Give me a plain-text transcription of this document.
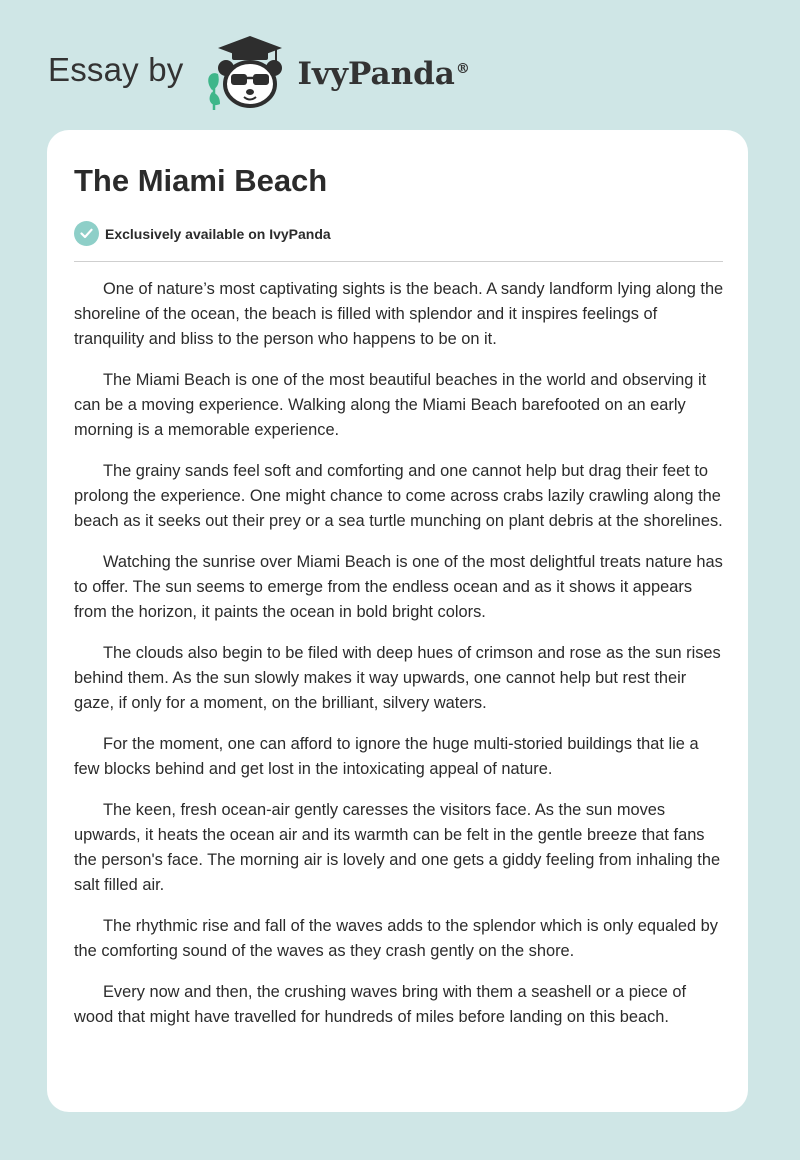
Essay by	IvyPanda®
The Miami Beach
Exclusively available on IvyPanda

One of nature’s most captivating sights is the beach. A sandy landform lying along the shoreline of the ocean, the beach is filled with splendor and it inspires feelings of tranquility and bliss to the person who happens to be on it.

The Miami Beach is one of the most beautiful beaches in the world and observing it can be a moving experience. Walking along the Miami Beach barefooted on an early morning is a memorable experience.

The grainy sands feel soft and comforting and one cannot help but drag their feet to prolong the experience. One might chance to come across crabs lazily crawling along the beach as it seeks out their prey or a sea turtle munching on plant debris at the shorelines.

Watching the sunrise over Miami Beach is one of the most delightful treats nature has to offer. The sun seems to emerge from the endless ocean and as it shows it appears from the horizon, it paints the ocean in bold bright colors.

The clouds also begin to be filed with deep hues of crimson and rose as the sun rises behind them. As the sun slowly makes it way upwards, one cannot help but rest their gaze, if only for a moment, on the brilliant, silvery waters.

For the moment, one can afford to ignore the huge multi-storied buildings that lie a few blocks behind and get lost in the intoxicating appeal of nature.

The keen, fresh ocean-air gently caresses the visitors face. As the sun moves upwards, it heats the ocean air and its warmth can be felt in the gentle breeze that fans the person's face. The morning air is lovely and one gets a giddy feeling from inhaling the salt filled air.

The rhythmic rise and fall of the waves adds to the splendor which is only equaled by the comforting sound of the waves as they crash gently on the shore.

Every now and then, the crushing waves bring with them a seashell or a piece of wood that might have travelled for hundreds of miles before landing on this beach.
